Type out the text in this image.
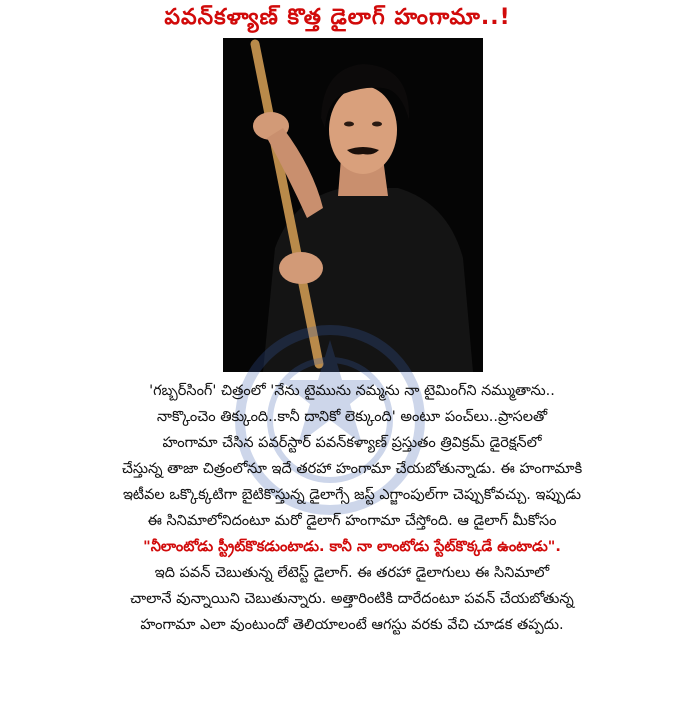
పవన్‌కళ్యాణ్ కొత్త డైలాగ్ హంగామా..!

'గబ్బర్‌సింగ్' చిత్రంలో 'నేను టైమును నమ్మను నా టైమింగ్‌ని నమ్ముతాను..

నాక్కొంచెం తిక్కుంది..కానీ దానికో లెక్కుంది' అంటూ పంచ్‌లు..ప్రాసలతో

హంగామా చేసిన పవర్‌స్టార్ పవన్‌కళ్యాణ్ ప్రస్తుతం త్రివిక్రమ్ డైరెక్షన్‌లో

చేస్తున్న తాజా చిత్రంలోనూ ఇదే తరహా హంగామా చేయబోతున్నాడు. ఈ హంగామాకి

ఇటీవల ఒక్కొక్కటిగా బైటికొస్తున్న డైలాగ్సే జస్ట్ ఎగ్జాంపుల్‌గా చెప్పుకోవచ్చు. ఇప్పుడు

ఈ సినిమాలోనిదంటూ మరో డైలాగ్ హంగామా చేస్తోంది. ఆ డైలాగ్ మీకోసం

"నీలాంటోడు స్ట్రీట్‌కొకడుంటాడు. కానీ నా లాంటోడు స్టేట్‌కొక్కడే ఉంటాడు".

ఇది పవన్ చెబుతున్న లేటెస్ట్ డైలాగ్. ఈ తరహా డైలాగులు ఈ సినిమాలో

చాలానే వున్నాయిని చెబుతున్నారు. అత్తారింటికి దారేదంటూ పవన్ చేయబోతున్న

హంగామా ఎలా వుంటుందో తెలియాలంటే ఆగస్టు వరకు వేచి చూడక తప్పదు.
